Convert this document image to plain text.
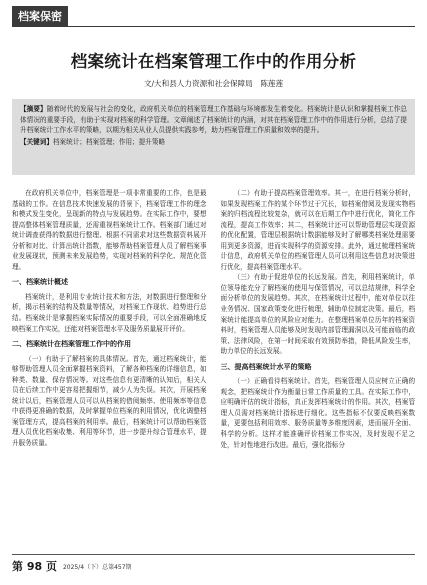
档案保密
档案统计在档案管理工作中的作用分析
文/大和县人力资源和社会保障局　陈莲莲

【摘要】随着时代的发展与社会的变化，政府机关单位的档案管理工作基础与环境都发生着变化。档案统计是认识和掌握档案工作总体情况的重要手段，有助于实现对档案的科学管理。文章阐述了档案统计的内涵，对其在档案管理工作中的作用进行分析，总结了提升档案统计工作水平的策略，以期为相关从业人员提供实践参考，助力档案管理工作质量和效率的提升。

【关键词】档案统计；档案管理；作用；提升策略

在政府机关单位中，档案管理是一项非常重要的工作，也是最基础的工作。在信息技术快速发展的背景下，档案管理工作的理念和模式发生变化，呈现新的特点与发展趋势。在实际工作中，要想提高整体档案管理质量，还需重视档案统计工作。档案部门通过对统计调查获得的数据进行整理、根据不同需求对这些数据资料展开分析和对比、计算出统计指数，能够帮助档案管理人员了解档案事业发展现状，预测未来发展趋势，实现对档案的科学化、规范化管理。

一、档案统计概述

档案统计，是利用专业统计技术和方法，对数据进行整理和分析，揭示档案的结构及数量等情况，对档案工作现状、趋势进行总结。档案统计是掌握档案实际情况的重要手段，可以全面准确地反映档案工作实况，还能对档案管理水平及服务质量展开评价。

二、档案统计在档案管理工作中的作用

（一）有助于了解档案的具体情况。首先，通过档案统计，能够帮助管理人员全面掌握档案资料，了解各种档案的详细信息，如种类、数量、保存情况等。对这些信息有更清晰的认知后，相关人员在后续工作中更容易把握细节，减少人为失误。其次，开展档案统计以后，档案管理人员可以从档案的借阅频率、使用频率等信息中获得更准确的数据，及时掌握单位档案的利用情况，优化调整档案管理方式，提高档案的利用率。最后，档案统计可以帮助档案管理人员优化档案收集、利用等环节，进一步提升综合管理水平，提升服务质量。

（二）有助于提高档案管理效率。其一，在进行档案分析时，如果发现档案工作的某个环节过于冗长，如档案借阅及发现实物档案的归档流程比较复杂，就可以在后期工作中进行优化，简化工作流程，提高工作效率；其二，档案统计还可以帮助管理层实现资源的优化配置，管理层根据统计数据能够及时了解哪类档案处理需要用到更多资源，进而实现科学的资源安排。此外，通过梳理档案统计信息，政府机关单位的档案管理人员可以利用这些信息对决策进行优化，提高档案管理水平。

（三）有助于促进单位的长远发展。首先，利用档案统计，单位领导能充分了解档案的使用与保管情况，可以总结规律，科学全面分析单位的发展趋势。其次，在档案统计过程中，能对单位以往业务情况、国家政策变化进行梳理，辅助单位制定决策。最后，档案统计能提高单位的风险应对能力。在整理档案单位历年的档案资料时，档案管理人员能够及时发现内部管理漏洞以及可能面临的政策、法律风险，在第一时间采取有效预防举措，降低风险发生率，助力单位的长远发展。

三、提高档案统计水平的策略

（一）正确看待档案统计。首先，档案管理人员应树立正确的观念，把档案统计作为衡量日常工作质量的工具。在实际工作中，应明确评估的统计指标，真正发挥档案统计的作用。其次，档案管理人员需对档案统计指标进行细化。这些指标不仅要反映档案数量，更要包括利用效率、服务质量等多维度因素，进而展开全面、科学的分析。这样才能准确评价档案工作实况，及时发现不足之处，针对性地进行改进。最后，强化指标分

第 98 页 2025/4（下）总第457期
